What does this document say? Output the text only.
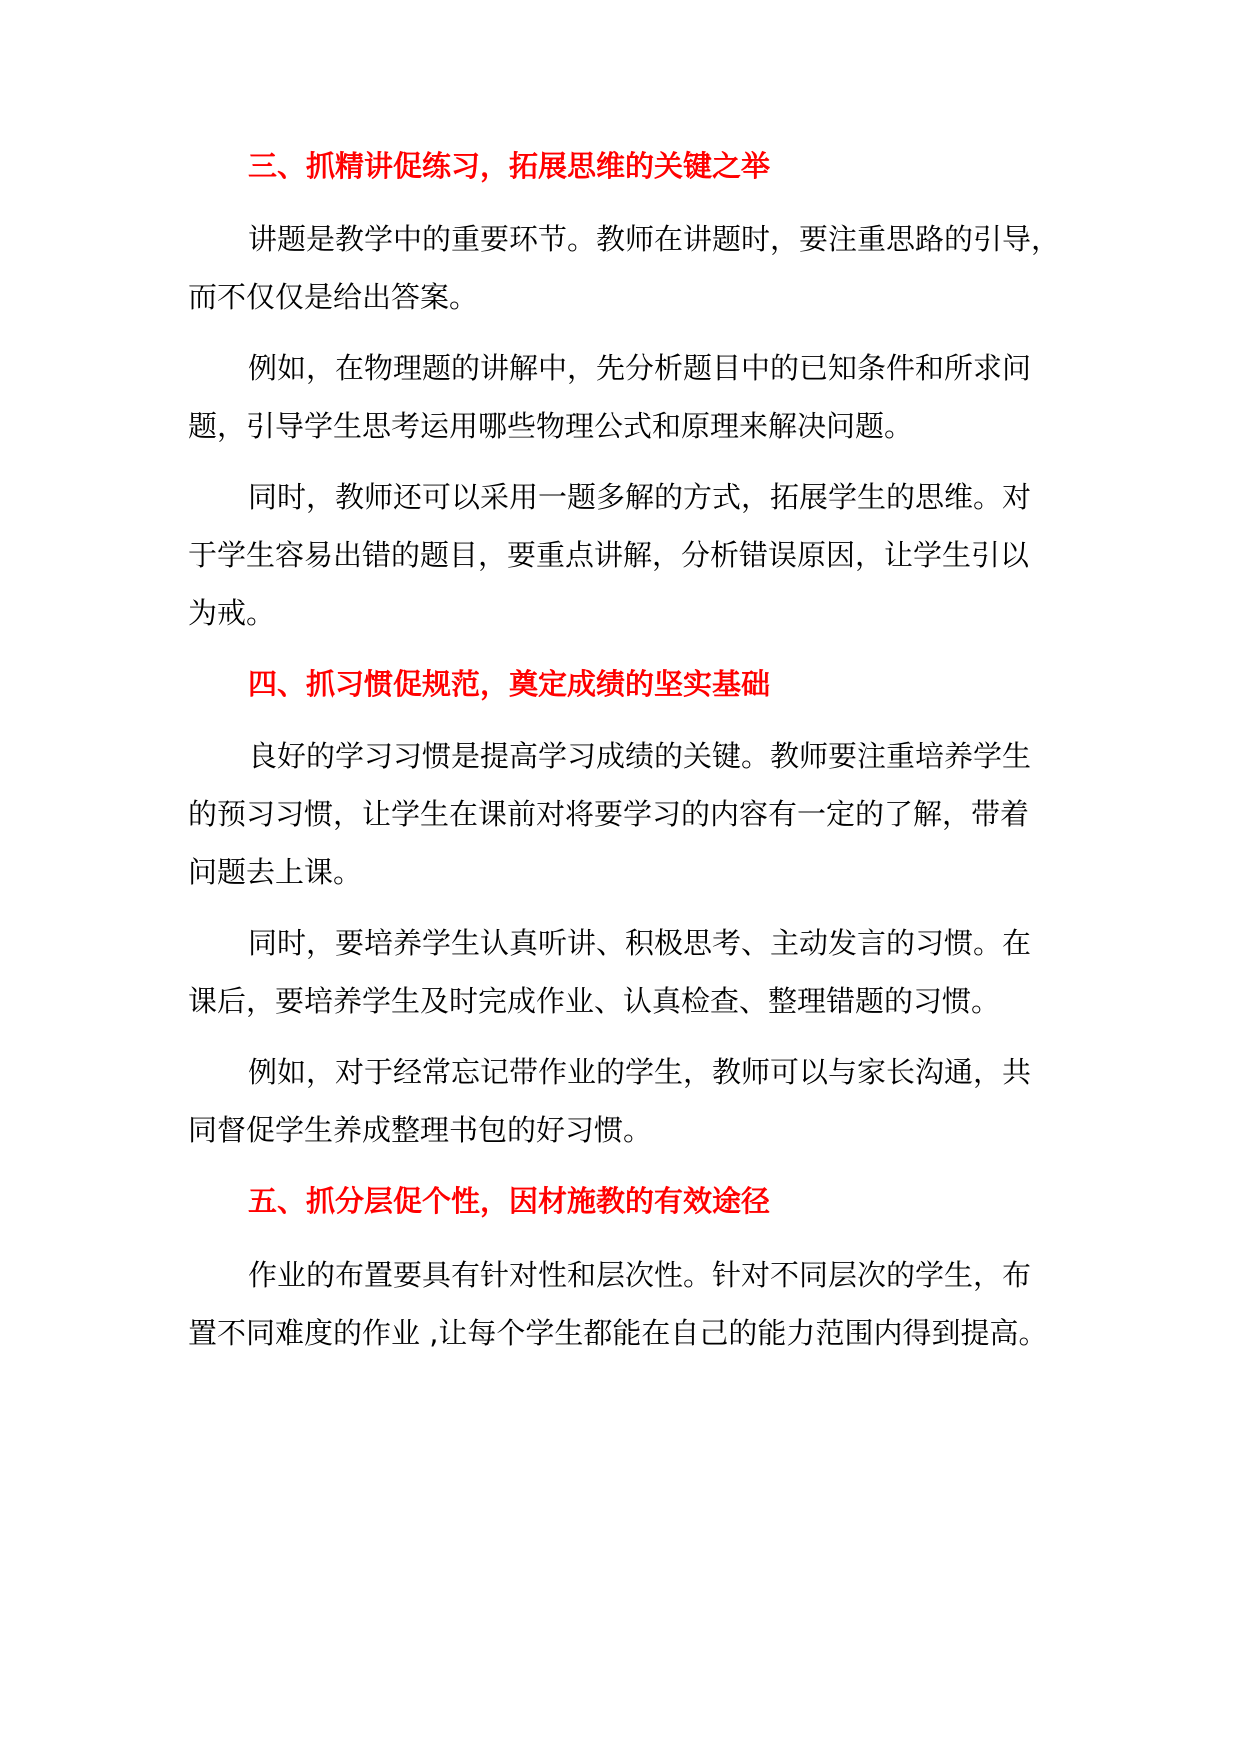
三、抓精讲促练习，拓展思维的关键之举
讲题是教学中的重要环节。教师在讲题时，要注重思路的引导，
而不仅仅是给出答案。
例如，在物理题的讲解中，先分析题目中的已知条件和所求问
题，引导学生思考运用哪些物理公式和原理来解决问题。
同时，教师还可以采用一题多解的方式，拓展学生的思维。对
于学生容易出错的题目，要重点讲解，分析错误原因，让学生引以
为戒。
四、抓习惯促规范，奠定成绩的坚实基础
良好的学习习惯是提高学习成绩的关键。教师要注重培养学生
的预习习惯，让学生在课前对将要学习的内容有一定的了解，带着
问题去上课。
同时，要培养学生认真听讲、积极思考、主动发言的习惯。在
课后，要培养学生及时完成作业、认真检查、整理错题的习惯。
例如，对于经常忘记带作业的学生，教师可以与家长沟通，共
同督促学生养成整理书包的好习惯。
五、抓分层促个性，因材施教的有效途径
作业的布置要具有针对性和层次性。针对不同层次的学生，布
置不同难度的作业 ,让每个学生都能在自己的能力范围内得到提高。
